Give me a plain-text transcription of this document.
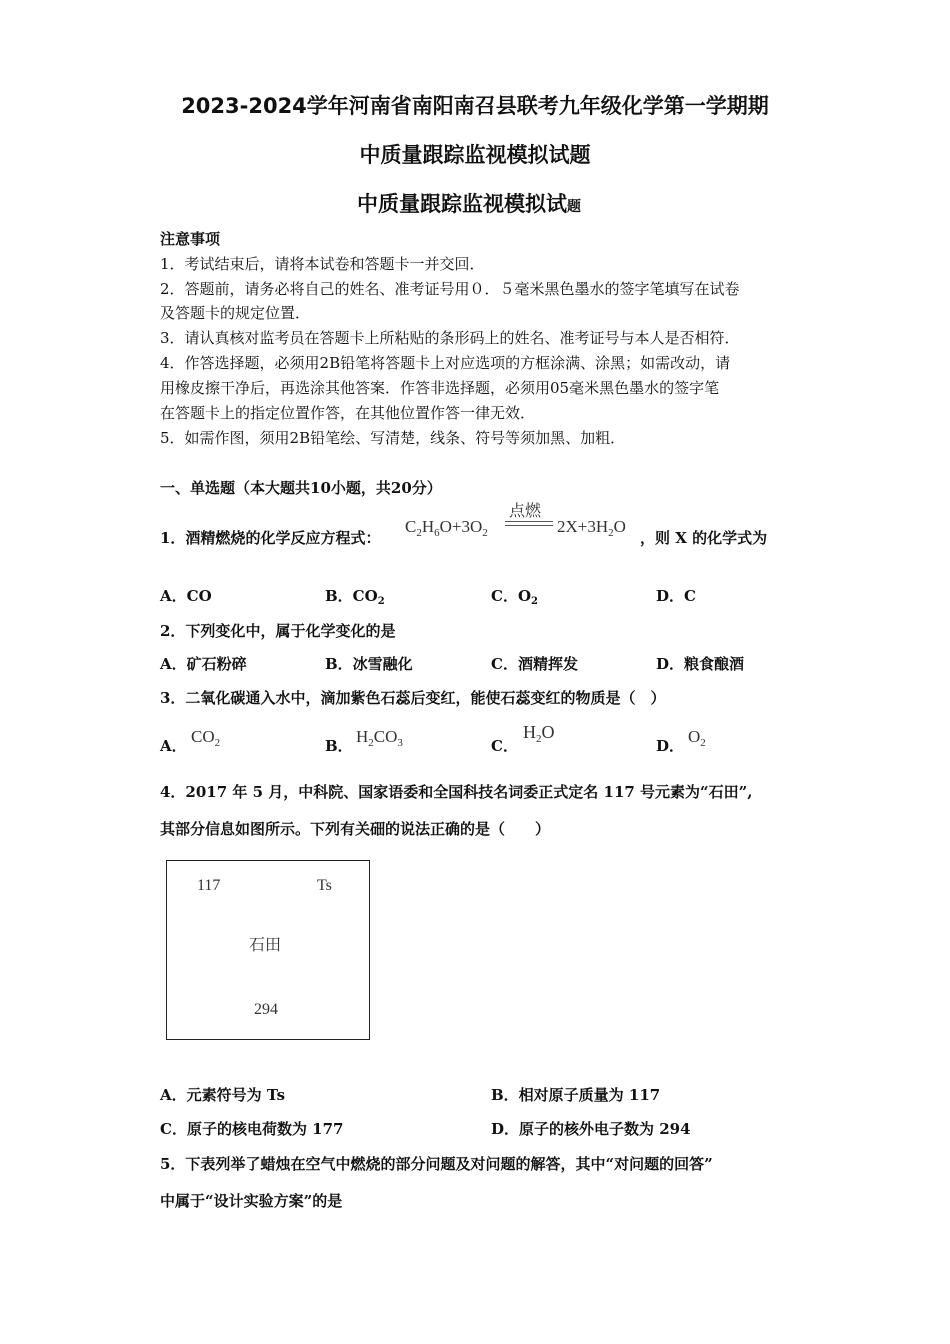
2023-2024学年河南省南阳南召县联考九年级化学第一学期期
中质量跟踪监视模拟试题
中质量跟踪监视模拟试题
注意事项
1．考试结束后，请将本试卷和答题卡一并交回．
2．答题前，请务必将自己的姓名、准考证号用０．５毫米黑色墨水的签字笔填写在试卷
及答题卡的规定位置．
3．请认真核对监考员在答题卡上所粘贴的条形码上的姓名、准考证号与本人是否相符．
4．作答选择题，必须用2B铅笔将答题卡上对应选项的方框涂满、涂黑；如需改动，请
用橡皮擦干净后，再选涂其他答案．作答非选择题，必须用05毫米黑色墨水的签字笔
在答题卡上的指定位置作答，在其他位置作答一律无效．
5．如需作图，须用2B铅笔绘、写清楚，线条、符号等须加黑、加粗．
一、单选题（本大题共10小题，共20分）
1．酒精燃烧的化学反应方程式：
$C_2H_6O+3O_2$
点燃
$2X+3H_2O$
，则 X 的化学式为
A．CO	B．$CO_2$	C．$O_2$	D．C
2．下列变化中，属于化学变化的是
A．矿石粉碎	B．冰雪融化	C．酒精挥发	D．粮食酿酒
3．二氧化碳通入水中，滴加紫色石蕊后变红，能使石蕊变红的物质是（　）
A． $CO_2$	B． $H_2CO_3$	C．
$H_2O$
D． $O_2$
4．2017 年 5 月，中科院、国家语委和全国科技名词委正式定名 117 号元素为“石田”,
其部分信息如图所示。下列有关鿬的说法正确的是（　　）
117	Ts
石田
294
A．元素符号为 Ts	B．相对原子质量为 117
C．原子的核电荷数为 177	D．原子的核外电子数为 294
5．下表列举了蜡烛在空气中燃烧的部分问题及对问题的解答，其中“对问题的回答”
中属于“设计实验方案”的是
